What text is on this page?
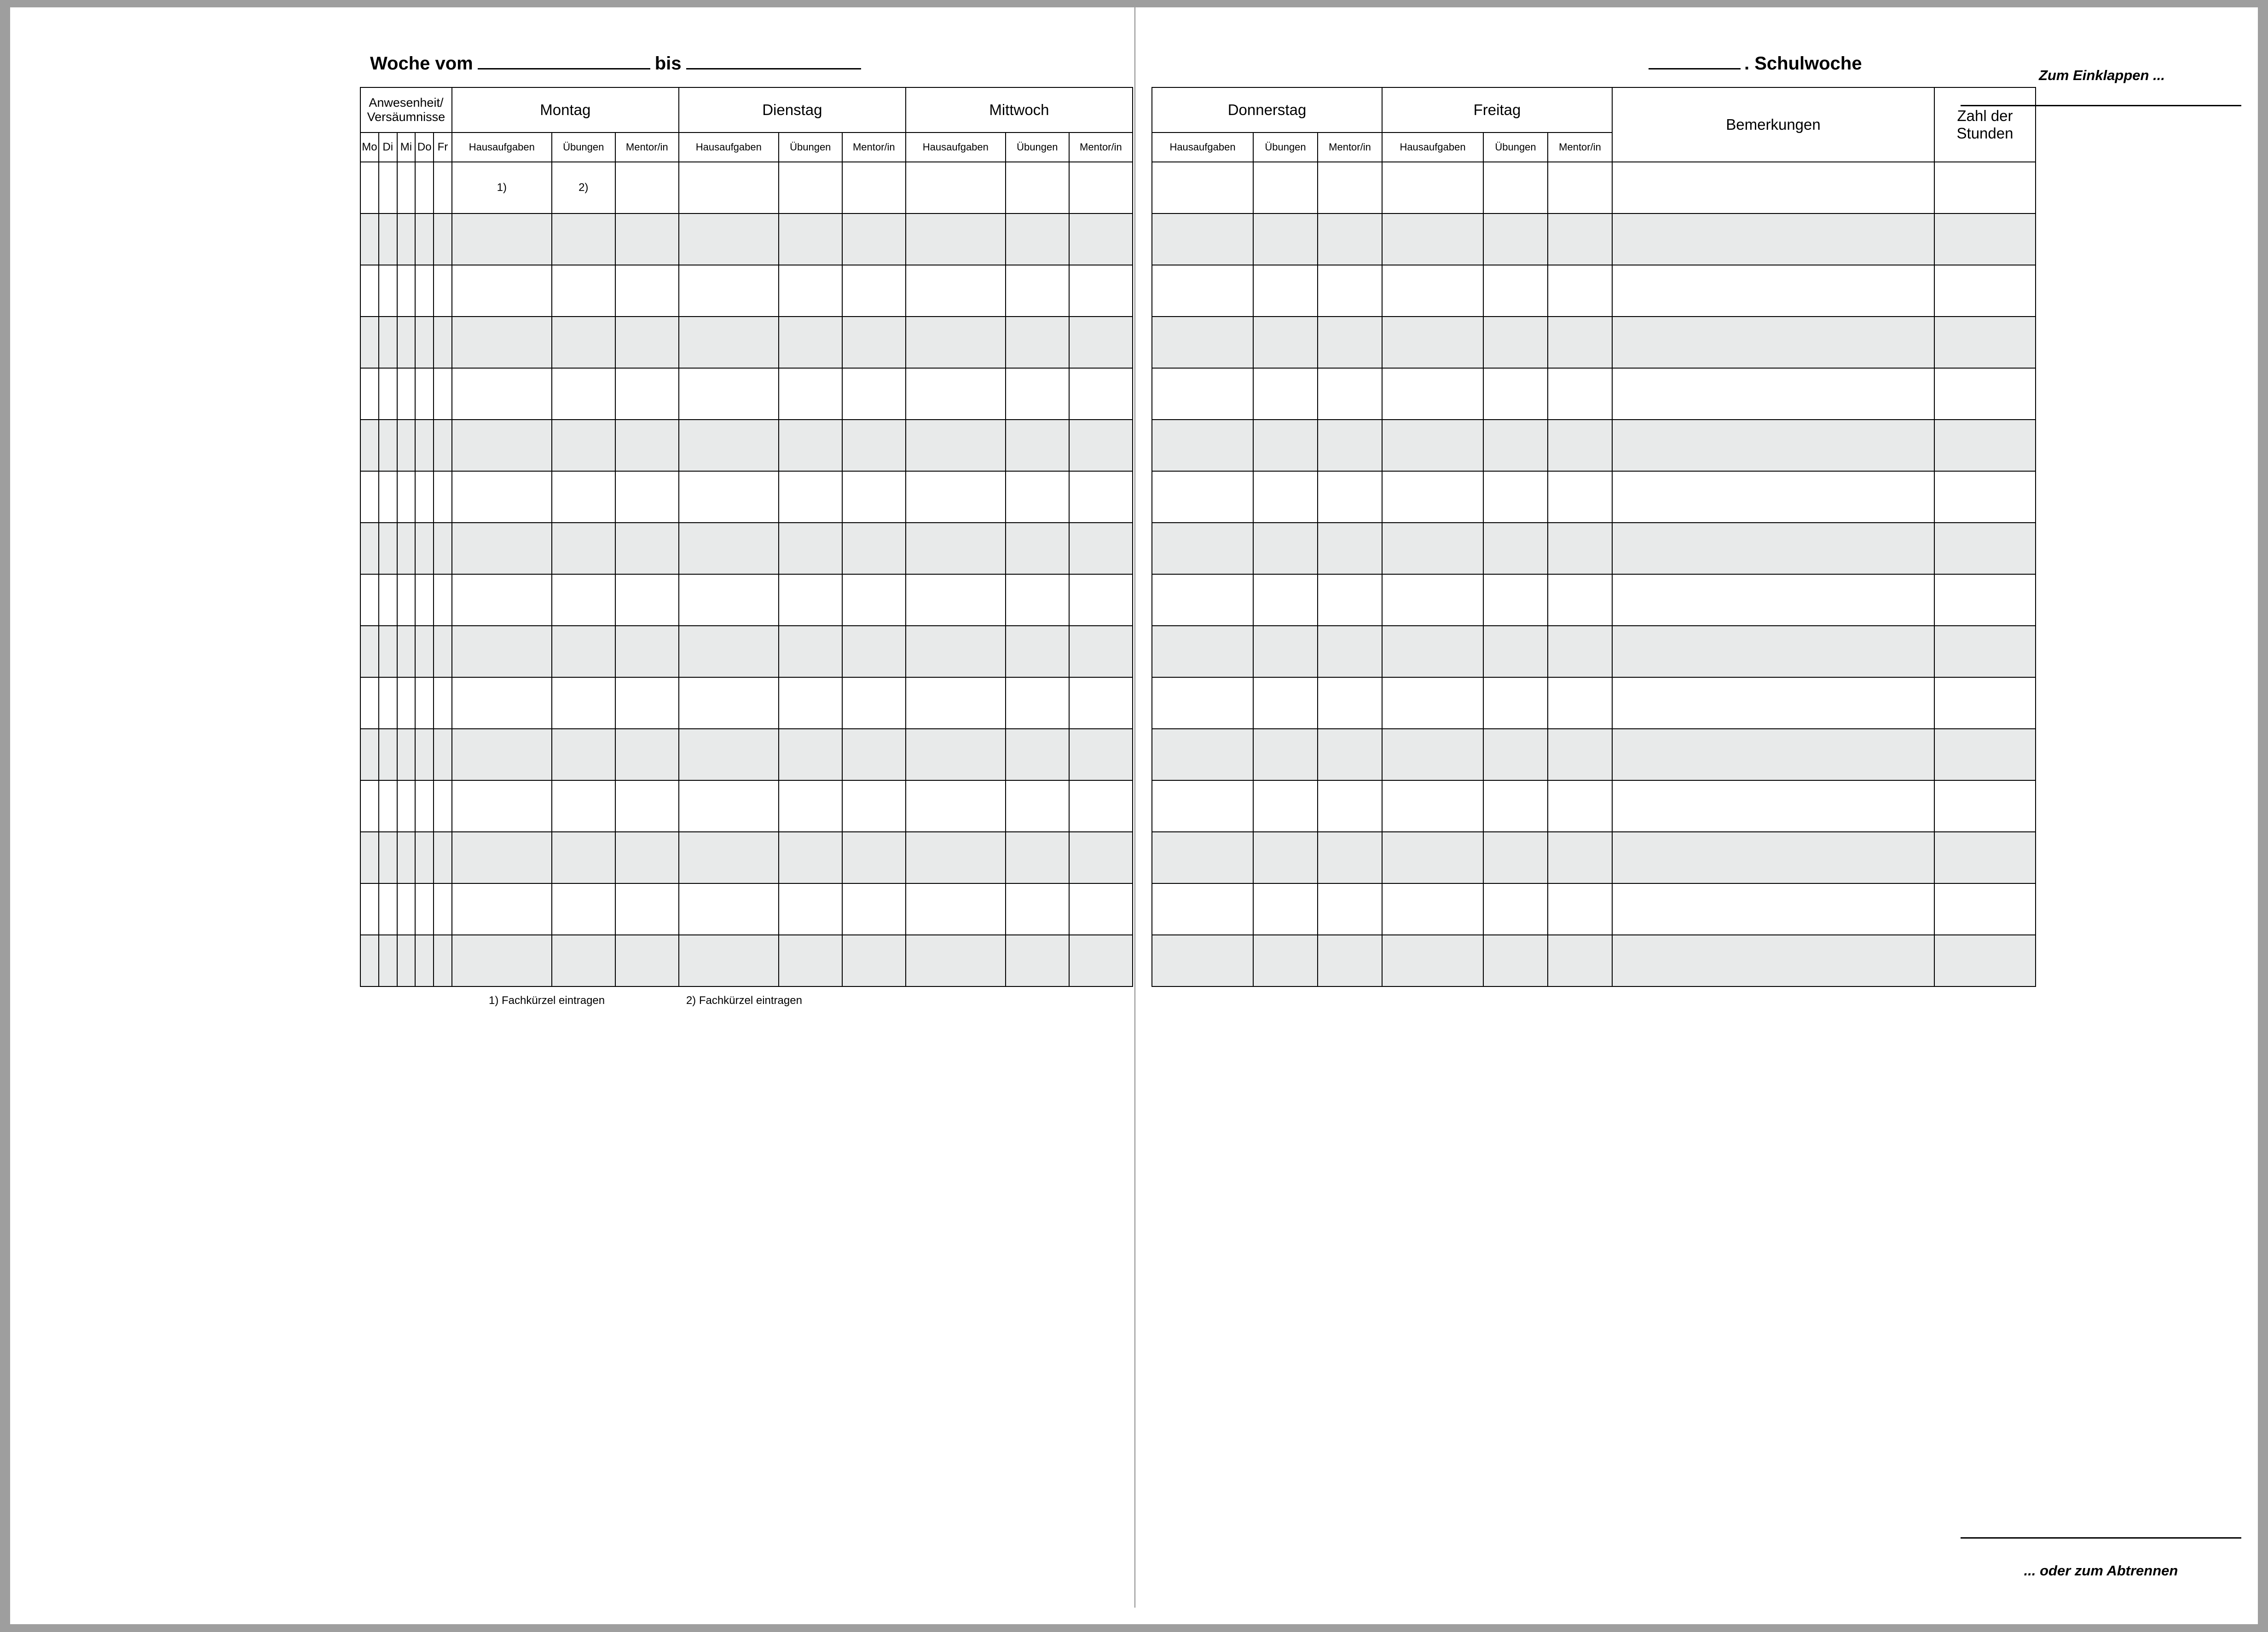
Woche vom	bis
Anwesenheit/
Versäumnisse					Montag			Dienstag			Mittwoch		
Mo	Di	Mi	Do	Fr	Hausaufgaben	Übungen	Mentor/in	Hausaufgaben	Übungen	Mentor/in	Hausaufgaben	Übungen	Mentor/in
					1)	2)							

1) Fachkürzel eintragen	2) Fachkürzel eintragen
. Schulwoche
Donnerstag			Freitag			Bemerkungen	Zahl der
Stunden
Hausaufgaben	Übungen	Mentor/in	Hausaufgaben	Übungen	Mentor/in		

Zum Einklappen ...
... oder zum Abtrennen
